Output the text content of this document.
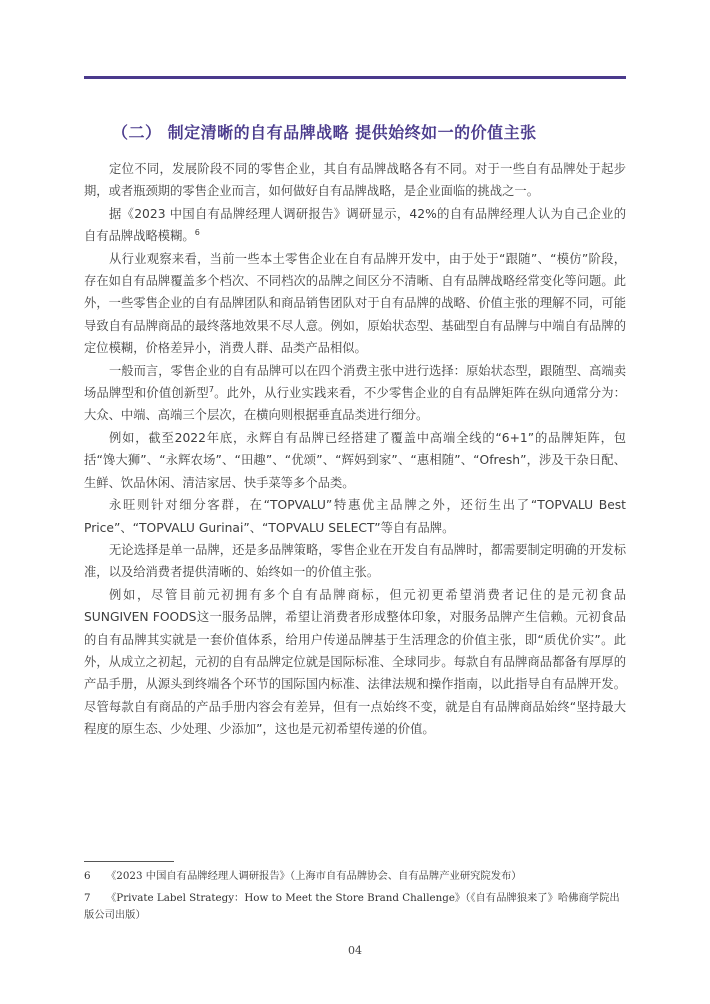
（二） 制定清晰的自有品牌战略 提供始终如一的价值主张

定位不同，发展阶段不同的零售企业，其自有品牌战略各有不同。对于一些自有品牌处于起步期，或者瓶颈期的零售企业而言，如何做好自有品牌战略，是企业面临的挑战之一。

据《2023 中国自有品牌经理人调研报告》调研显示，42%的自有品牌经理人认为自己企业的自有品牌战略模糊。$^6$

从行业观察来看，当前一些本土零售企业在自有品牌开发中，由于处于“跟随”、“模仿”阶段，存在如自有品牌覆盖多个档次、不同档次的品牌之间区分不清晰、自有品牌战略经常变化等问题。此外，一些零售企业的自有品牌团队和商品销售团队对于自有品牌的战略、价值主张的理解不同，可能导致自有品牌商品的最终落地效果不尽人意。例如，原始状态型、基础型自有品牌与中端自有品牌的定位模糊，价格差异小，消费人群、品类产品相似。

一般而言，零售企业的自有品牌可以在四个消费主张中进行选择：原始状态型，跟随型、高端卖场品牌型和价值创新型$^7$。此外，从行业实践来看，不少零售企业的自有品牌矩阵在纵向通常分为：大众、中端、高端三个层次，在横向则根据垂直品类进行细分。

例如，截至2022年底，永辉自有品牌已经搭建了覆盖中高端全线的“6+1”的品牌矩阵，包括“馋大狮”、“永辉农场”、“田趣”、“优颂”、“辉妈到家”、“惠相随”、“Ofresh”，涉及干杂日配、生鲜、饮品休闲、清洁家居、快手菜等多个品类。

永旺则针对细分客群，在“TOPVALU”特惠优主品牌之外，还衍生出了“TOPVALU Best Price”、“TOPVALU Gurinai”、“TOPVALU SELECT”等自有品牌。

无论选择是单一品牌，还是多品牌策略，零售企业在开发自有品牌时，都需要制定明确的开发标准，以及给消费者提供清晰的、始终如一的价值主张。

例如，尽管目前元初拥有多个自有品牌商标，但元初更希望消费者记住的是元初食品SUNGIVEN FOODS这一服务品牌，希望让消费者形成整体印象，对服务品牌产生信赖。元初食品的自有品牌其实就是一套价值体系，给用户传递品牌基于生活理念的价值主张，即“质优价实”。此外，从成立之初起，元初的自有品牌定位就是国际标准、全球同步。每款自有品牌商品都备有厚厚的产品手册，从源头到终端各个环节的国际国内标准、法律法规和操作指南，以此指导自有品牌开发。尽管每款自有商品的产品手册内容会有差异，但有一点始终不变，就是自有品牌商品始终“坚持最大程度的原生态、少处理、少添加”，这也是元初希望传递的价值。

6 《2023 中国自有品牌经理人调研报告》（上海市自有品牌协会、自有品牌产业研究院发布）

7 《Private Label Strategy：How to Meet the Store Brand Challenge》（《自有品牌狼来了》哈佛商学院出版公司出版）

04
